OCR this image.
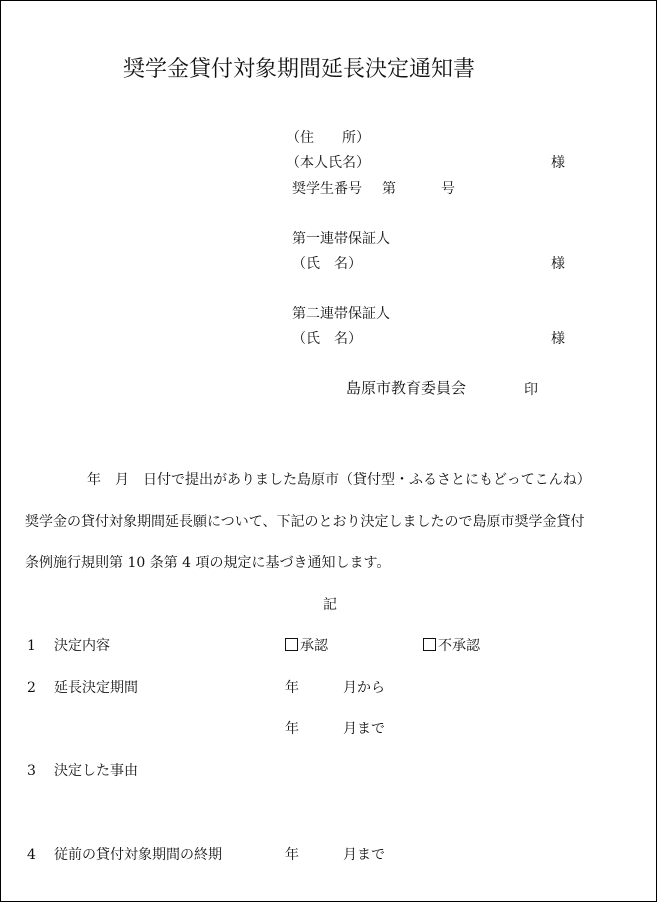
奨学金貸付対象期間延長決定通知書
（住　　所）
（本人氏名）	様
奨学生番号 第	号
第一連帯保証人
（氏　名）	様
第二連帯保証人
（氏　名）	様
島原市教育委員会	印
年　月　日付で提出がありました島原市（貸付型・ふるさとにもどってこんね）
奨学金の貸付対象期間延長願について、下記のとおり決定しましたので島原市奨学金貸付
条例施行規則第 10 条第 4 項の規定に基づき通知します。
記
1 決定内容	承認	不承認
2 延長決定期間	年	月から
年	月まで
3 決定した事由
4 従前の貸付対象期間の終期	年	月まで
